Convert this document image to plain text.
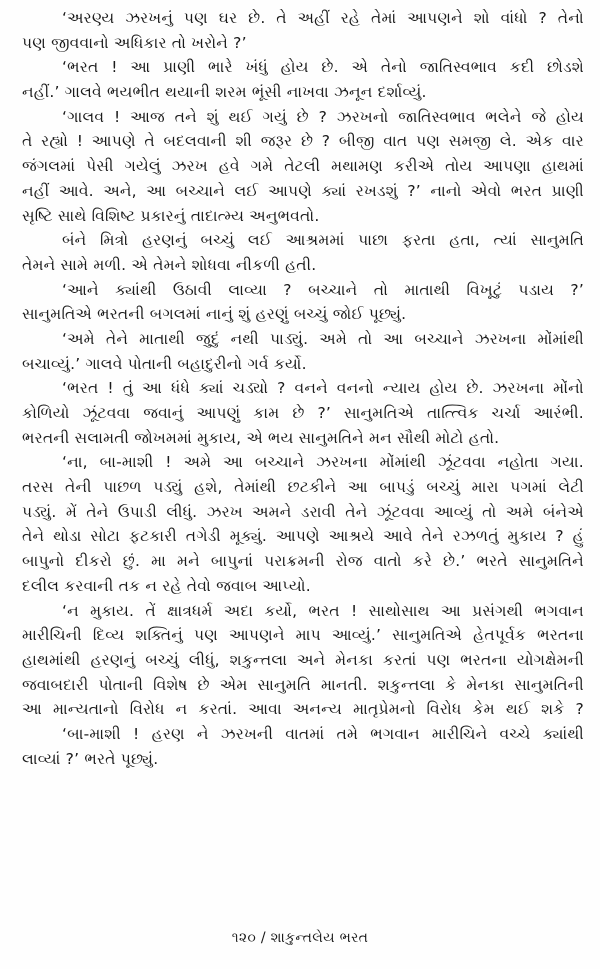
‘અરણ્ય ઝરખનું પણ ઘર છે. તે અહીં રહે તેમાં આપણને શો વાંધો ? તેનો
પણ જીવવાનો અધિકાર તો ખરોને ?’
‘ભરત ! આ પ્રાણી ભારે ખંધું હોય છે. એ તેનો જાતિસ્વભાવ કદી છોડશે
નહીં.’ ગાલવે ભયભીત થયાની શરમ ભૂંસી નાખવા ઝનૂન દર્શાવ્યું.
‘ગાલવ ! આજ તને શું થઈ ગયું છે ? ઝરખનો જાતિસ્વભાવ ભલેને જે હોય
તે રહ્યો ! આપણે તે બદલવાની શી જરૂર છે ? બીજી વાત પણ સમજી લે. એક વાર
જંગલમાં પેસી ગયેલું ઝરખ હવે ગમે તેટલી મથામણ કરીએ તોય આપણા હાથમાં
નહીં આવે. અને, આ બચ્ચાને લઈ આપણે ક્યાં રખડશું ?’ નાનો એવો ભરત પ્રાણી
સૃષ્ટિ સાથે વિશિષ્ટ પ્રકારનું તાદાત્મ્ય અનુભવતો.
બંને મિત્રો હરણનું બચ્ચું લઈ આશ્રમમાં પાછા ફરતા હતા, ત્યાં સાનુમતિ
તેમને સામે મળી. એ તેમને શોધવા નીકળી હતી.
‘આને ક્યાંથી ઉઠાવી લાવ્યા ? બચ્ચાને તો માતાથી વિખૂટું પડાય ?’
સાનુમતિએ ભરતની બગલમાં નાનું શું હરણું બચ્ચું જોઈ પૂછ્યું.
‘અમે તેને માતાથી જુદું નથી પાડ્યું. અમે તો આ બચ્ચાને ઝરખના મોંમાંથી
બચાવ્યું.’ ગાલવે પોતાની બહાદુરીનો ગર્વ કર્યો.
‘ભરત ! તું આ ધંધે ક્યાં ચડ્યો ? વનને વનનો ન્યાય હોય છે. ઝરખના મોંનો
કોળિયો ઝૂંટવવા જવાનું આપણું કામ છે ?’ સાનુમતિએ તાત્ત્વિક ચર્ચા આરંભી.
ભરતની સલામતી જોખમમાં મુકાય, એ ભય સાનુમતિને મન સૌથી મોટો હતો.
‘ના, બા-માશી ! અમે આ બચ્ચાને ઝરખના મોંમાંથી ઝૂંટવવા નહોતા ગયા.
તરસ તેની પાછળ પડ્યું હશે, તેમાંથી છટકીને આ બાપડું બચ્ચું મારા પગમાં લેટી
પડ્યું. મેં તેને ઉપાડી લીધું. ઝરખ અમને ડરાવી તેને ઝૂંટવવા આવ્યું તો અમે બંનેએ
તેને થોડા સોટા ફટકારી તગેડી મૂક્યું. આપણે આશ્રયે આવે તેને રઝળતું મુકાય ? હું
બાપુનો દીકરો છું. મા મને બાપુનાં પરાક્રમની રોજ વાતો કરે છે.’ ભરતે સાનુમતિને
દલીલ કરવાની તક ન રહે તેવો જવાબ આપ્યો.
‘ન મુકાય. તેં ક્ષાત્રધર્મ અદા કર્યો, ભરત ! સાથોસાથ આ પ્રસંગથી ભગવાન
મારીચિની દિવ્ય શક્તિનું પણ આપણને માપ આવ્યું.’ સાનુમતિએ હેતપૂર્વક ભરતના
હાથમાંથી હરણનું બચ્ચું લીધું, શકુન્તલા અને મેનકા કરતાં પણ ભરતના યોગક્ષેમની
જવાબદારી પોતાની વિશેષ છે એમ સાનુમતિ માનતી. શકુન્તલા કે મેનકા સાનુમતિની
આ માન્યતાનો વિરોધ ન કરતાં. આવા અનન્ય માતૃપ્રેમનો વિરોધ કેમ થઈ શકે ?
‘બા-માશી ! હરણ ને ઝરખની વાતમાં તમે ભગવાન મારીચિને વચ્ચે ક્યાંથી
લાવ્યાં ?’ ભરતે પૂછ્યું.
૧૨૦ / શાકુન્તલેય ભરત
